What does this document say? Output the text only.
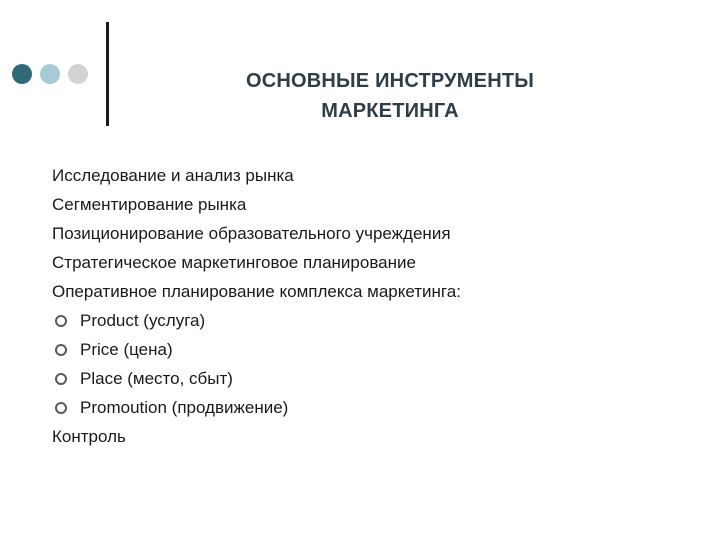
ОСНОВНЫЕ ИНСТРУМЕНТЫ
МАРКЕТИНГА
Исследование и анализ рынка
Сегментирование рынка
Позиционирование образовательного учреждения
Стратегическое маркетинговое планирование
Оперативное планирование комплекса маркетинга:
Product (услуга)
Price (цена)
Place (место, сбыт)
Promoution (продвижение)
Контроль
